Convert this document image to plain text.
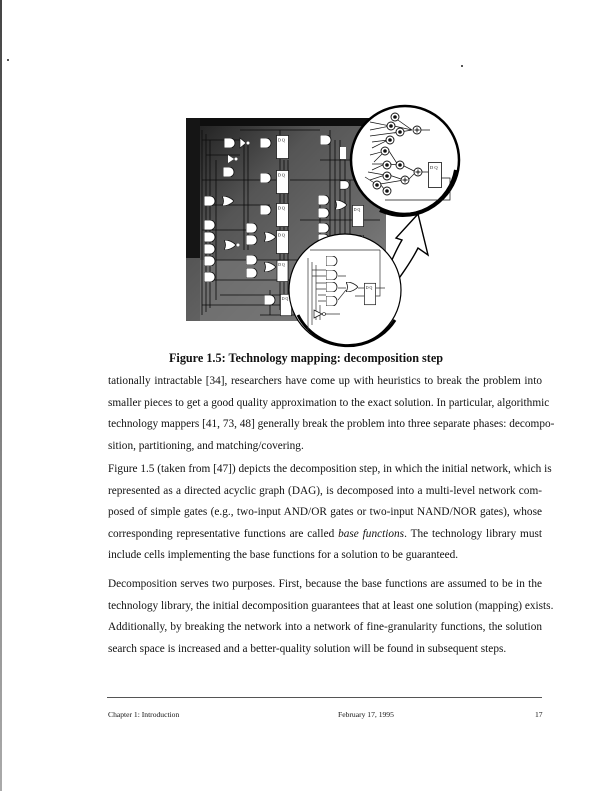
Figure 1.5: Technology mapping: decomposition step
tationally intractable [34], researchers have come up with heuristics to break the problem into
smaller pieces to get a good quality approximation to the exact solution. In particular, algorithmic
technology mappers [41, 73, 48] generally break the problem into three separate phases: decompo-
sition, partitioning, and matching/covering.
Figure 1.5 (taken from [47]) depicts the decomposition step, in which the initial network, which is
represented as a directed acyclic graph (DAG), is decomposed into a multi-level network com-
posed of simple gates (e.g., two-input AND/OR gates or two-input NAND/NOR gates), whose
corresponding representative functions are called base functions. The technology library must
include cells implementing the base functions for a solution to be guaranteed.
Decomposition serves two purposes. First, because the base functions are assumed to be in the
technology library, the initial decomposition guarantees that at least one solution (mapping) exists.
Additionally, by breaking the network into a network of fine-granularity functions, the solution
search space is increased and a better-quality solution will be found in subsequent steps.
Chapter 1: Introduction	February 17, 1995	17
